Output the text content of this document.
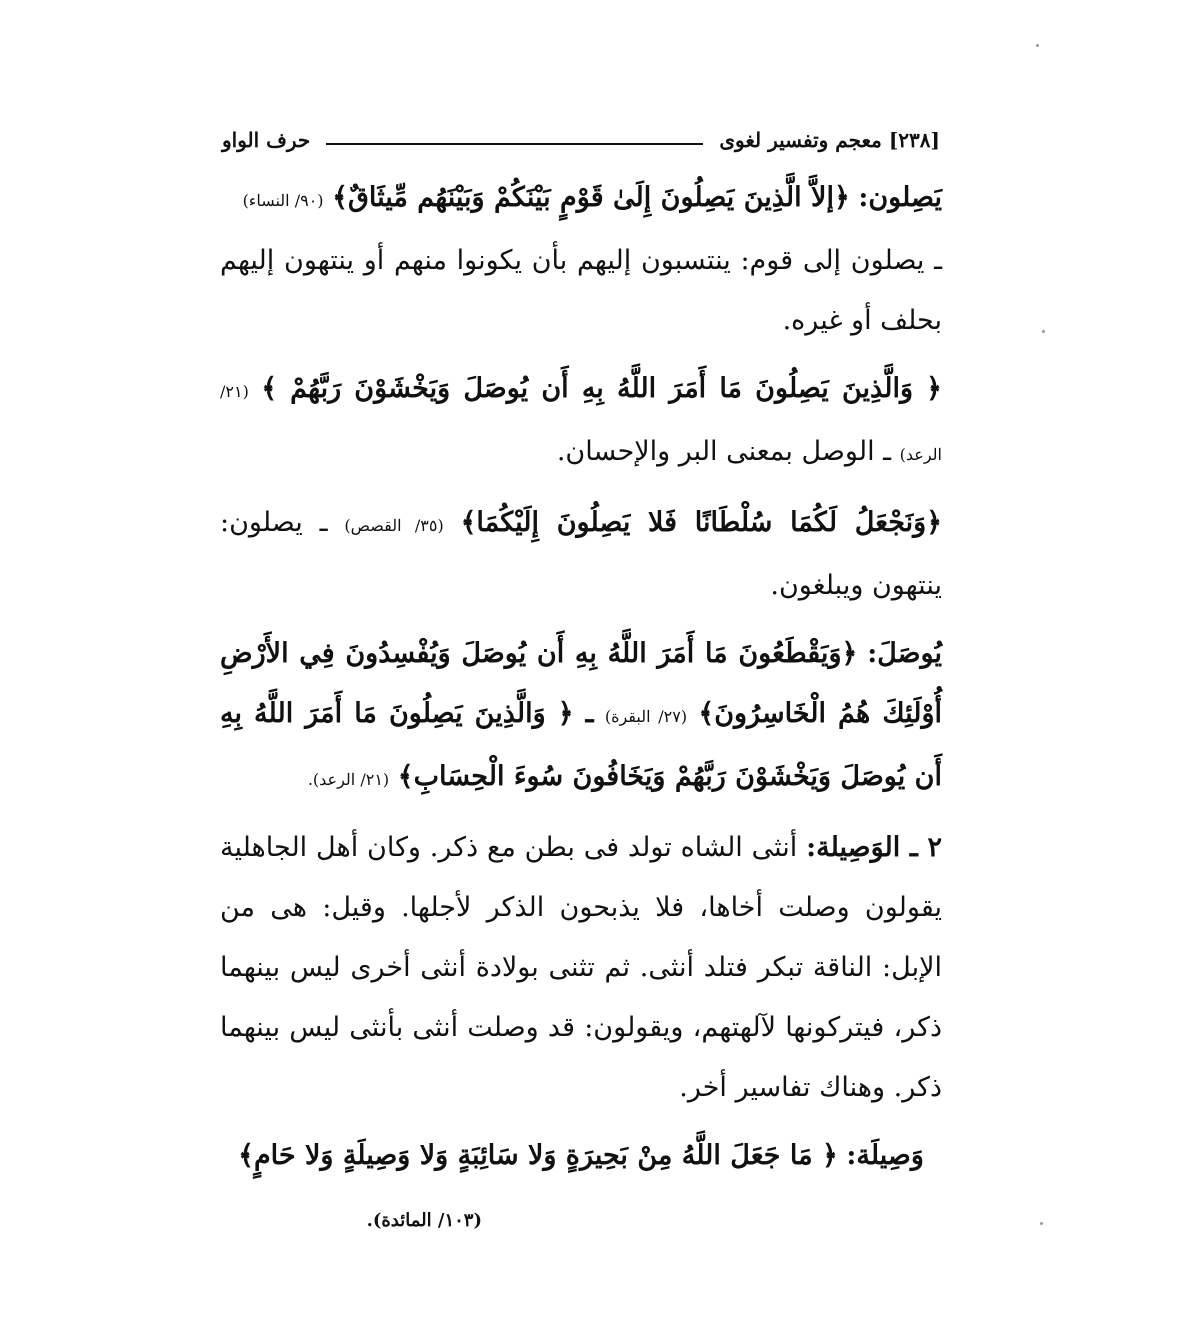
[٢٣٨] معجم وتفسير لغوى
حرف الواو

يَصِلون: ﴿إلاَّ الَّذِينَ يَصِلُونَ إِلَىٰ قَوْمٍ بَيْنَكُمْ وَبَيْنَهُم مِّيثَاقٌ﴾ (٩٠/ النساء)
ـ يصلون إلى قوم: ينتسبون إليهم بأن يكونوا منهم أو ينتهون إليهم بحلف أو غيره.

﴿ وَالَّذِينَ يَصِلُونَ مَا أَمَرَ اللَّهُ بِهِ أَن يُوصَلَ وَيَخْشَوْنَ رَبَّهُمْ ﴾ (٢١/ الرعد) ـ الوصل بمعنى البر والإحسان.

﴿وَنَجْعَلُ لَكُمَا سُلْطَانًا فَلا يَصِلُونَ إِلَيْكُمَا﴾ (٣٥/ القصص) ـ يصلون: ينتهون ويبلغون.

يُوصَلَ: ﴿وَيَقْطَعُونَ مَا أَمَرَ اللَّهُ بِهِ أَن يُوصَلَ وَيُفْسِدُونَ فِي الأَرْضِ أُوْلَئِكَ هُمُ الْخَاسِرُونَ﴾ (٢٧/ البقرة) ـ ﴿ وَالَّذِينَ يَصِلُونَ مَا أَمَرَ اللَّهُ بِهِ أَن يُوصَلَ وَيَخْشَوْنَ رَبَّهُمْ وَيَخَافُونَ سُوءَ الْحِسَابِ﴾ (٢١/ الرعد).

٢ ـ الوَصِيلة: أنثى الشاه تولد فى بطن مع ذكر. وكان أهل الجاهلية يقولون وصلت أخاها، فلا يذبحون الذكر لأجلها. وقيل: هى من الإبل: الناقة تبكر فتلد أنثى. ثم تثنى بولادة أنثى أخرى ليس بينهما ذكر، فيتركونها لآلهتهم، ويقولون: قد وصلت أنثى بأنثى ليس بينهما ذكر. وهناك تفاسير أخر.

وَصِيلَة: ﴿ مَا جَعَلَ اللَّهُ مِنْ بَحِيرَةٍ وَلا سَائِبَةٍ وَلا وَصِيلَةٍ وَلا حَامٍ﴾

(١٠٣/ المائدة).
